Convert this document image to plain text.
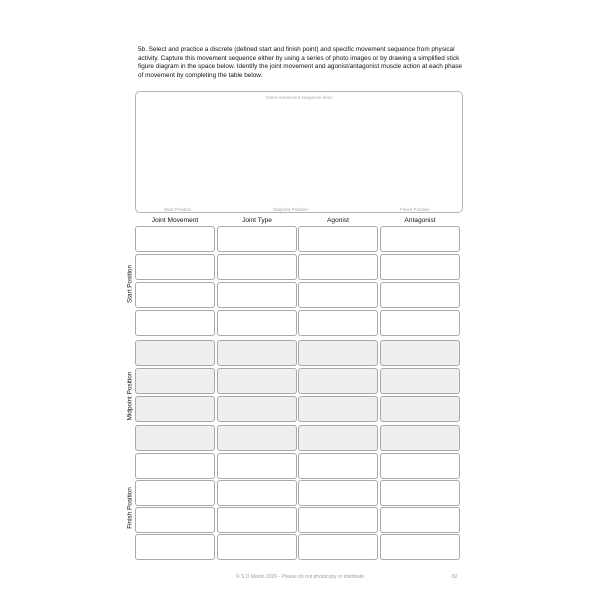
5b. Select and practice a discrete (defined start and finish point) and specific movement sequence from physical activity. Capture this movement sequence either by using a series of photo images or by drawing a simplified stick figure diagram in the space below. Identify the joint movement and agonist/antagonist muscle action at each phase of movement by completing the table below.
Insert movement sequence here
Start Position	Midpoint Position	Finish Position
Joint Movement	Joint Type	Agonist	Antagonist
Start Position
Midpoint Position
Finish Position
© S D Martin 2026 - Please do not photocopy or distribute	82
